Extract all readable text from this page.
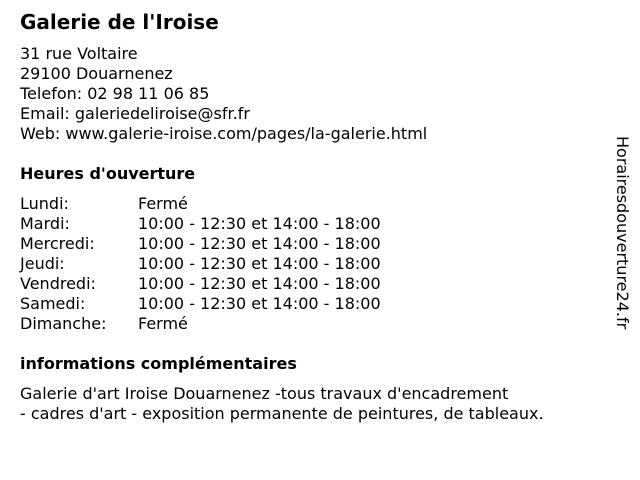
Galerie de l'Iroise
31 rue Voltaire
29100 Douarnenez
Telefon: 02 98 11 06 85
Email: galeriedeliroise@sfr.fr
Web: www.galerie-iroise.com/pages/la-galerie.html
Heures d'ouverture
Lundi:	Fermé
Mardi:	10:00 - 12:30 et 14:00 - 18:00
Mercredi:	10:00 - 12:30 et 14:00 - 18:00
Jeudi:	10:00 - 12:30 et 14:00 - 18:00
Vendredi:	10:00 - 12:30 et 14:00 - 18:00
Samedi:	10:00 - 12:30 et 14:00 - 18:00
Dimanche:	Fermé
informations complémentaires
Galerie d'art Iroise Douarnenez -tous travaux d'encadrement
- cadres d'art - exposition permanente de peintures, de tableaux.
Horairesdouverture24.fr
